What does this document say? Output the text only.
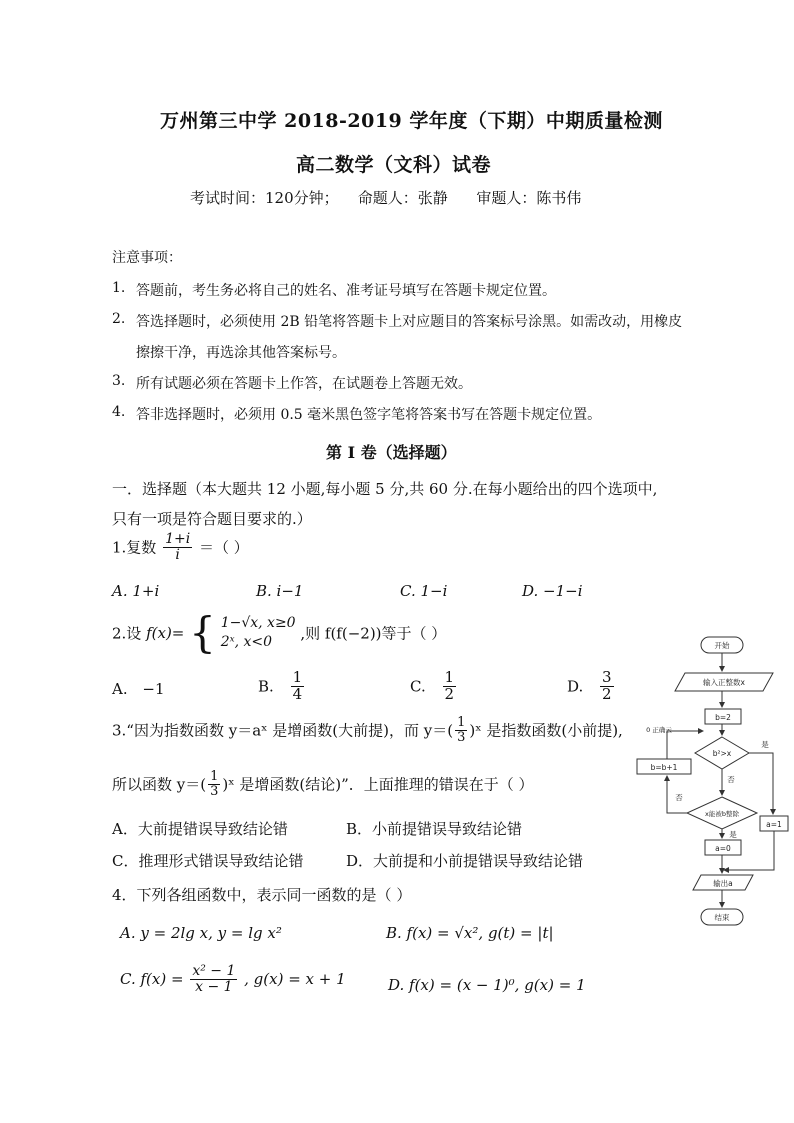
万州第三中学 2018-2019 学年度（下期）中期质量检测
高二数学（文科）试卷
考试时间：120分钟；    命题人：张静      审题人：陈书伟
注意事项：
1. 答题前，考生务必将自己的姓名、准考证号填写在答题卡规定位置。
2. 答选择题时，必须使用 2B 铅笔将答题卡上对应题目的答案标号涂黑。如需改动，用橡皮
擦擦干净，再选涂其他答案标号。
3. 所有试题必须在答题卡上作答，在试题卷上答题无效。
4. 答非选择题时，必须用 0.5 毫米黑色签字笔将答案书写在答题卡规定位置。
第 I 卷（选择题）
一．选择题（本大题共 12 小题,每小题 5 分,共 60 分.在每小题给出的四个选项中,
只有一项是符合题目要求的.）
1.复数 $\frac{1+i}{i}$ ＝（ ）
A. 1+i	B. i−1	C. 1−i	D. −1−i
2.设 f(x)= { 1−√x, x≥0
2ˣ, x<0	,则 f(f(−2))等于（ ）
A. −1	B. $\frac{1}{4}$	C. $\frac{1}{2}$	D. $\frac{3}{2}$
3.“因为指数函数 y＝aˣ 是增函数(大前提)，而 $y=( \frac{1}{3}$ )ˣ 是指数函数(小前提),
所以函数 $y=( \frac{1}{3}$ )ˣ 是增函数(结论)”．上面推理的错误在于（ ）
A．大前提错误导致结论错	B．小前提错误导致结论错
C．推理形式错误导致结论错	D．大前提和小前提错误导致结论错
4．下列各组函数中，表示同一函数的是（ ）
A. y = 2lg x, y = lg x²	B. f(x) = √x², g(t) = |t|
C. $f(x) = \frac{\text{x² − 1}}{x - 1}$ , g(x) = x + 1	D. f(x) = (x − 1)⁰, g(x) = 1
开始
输入正整数x
b=2
0 正确云
b²>x
是
否
b=b+1
x能被b整除
否
是
a=1
a=0
输出a
结束
